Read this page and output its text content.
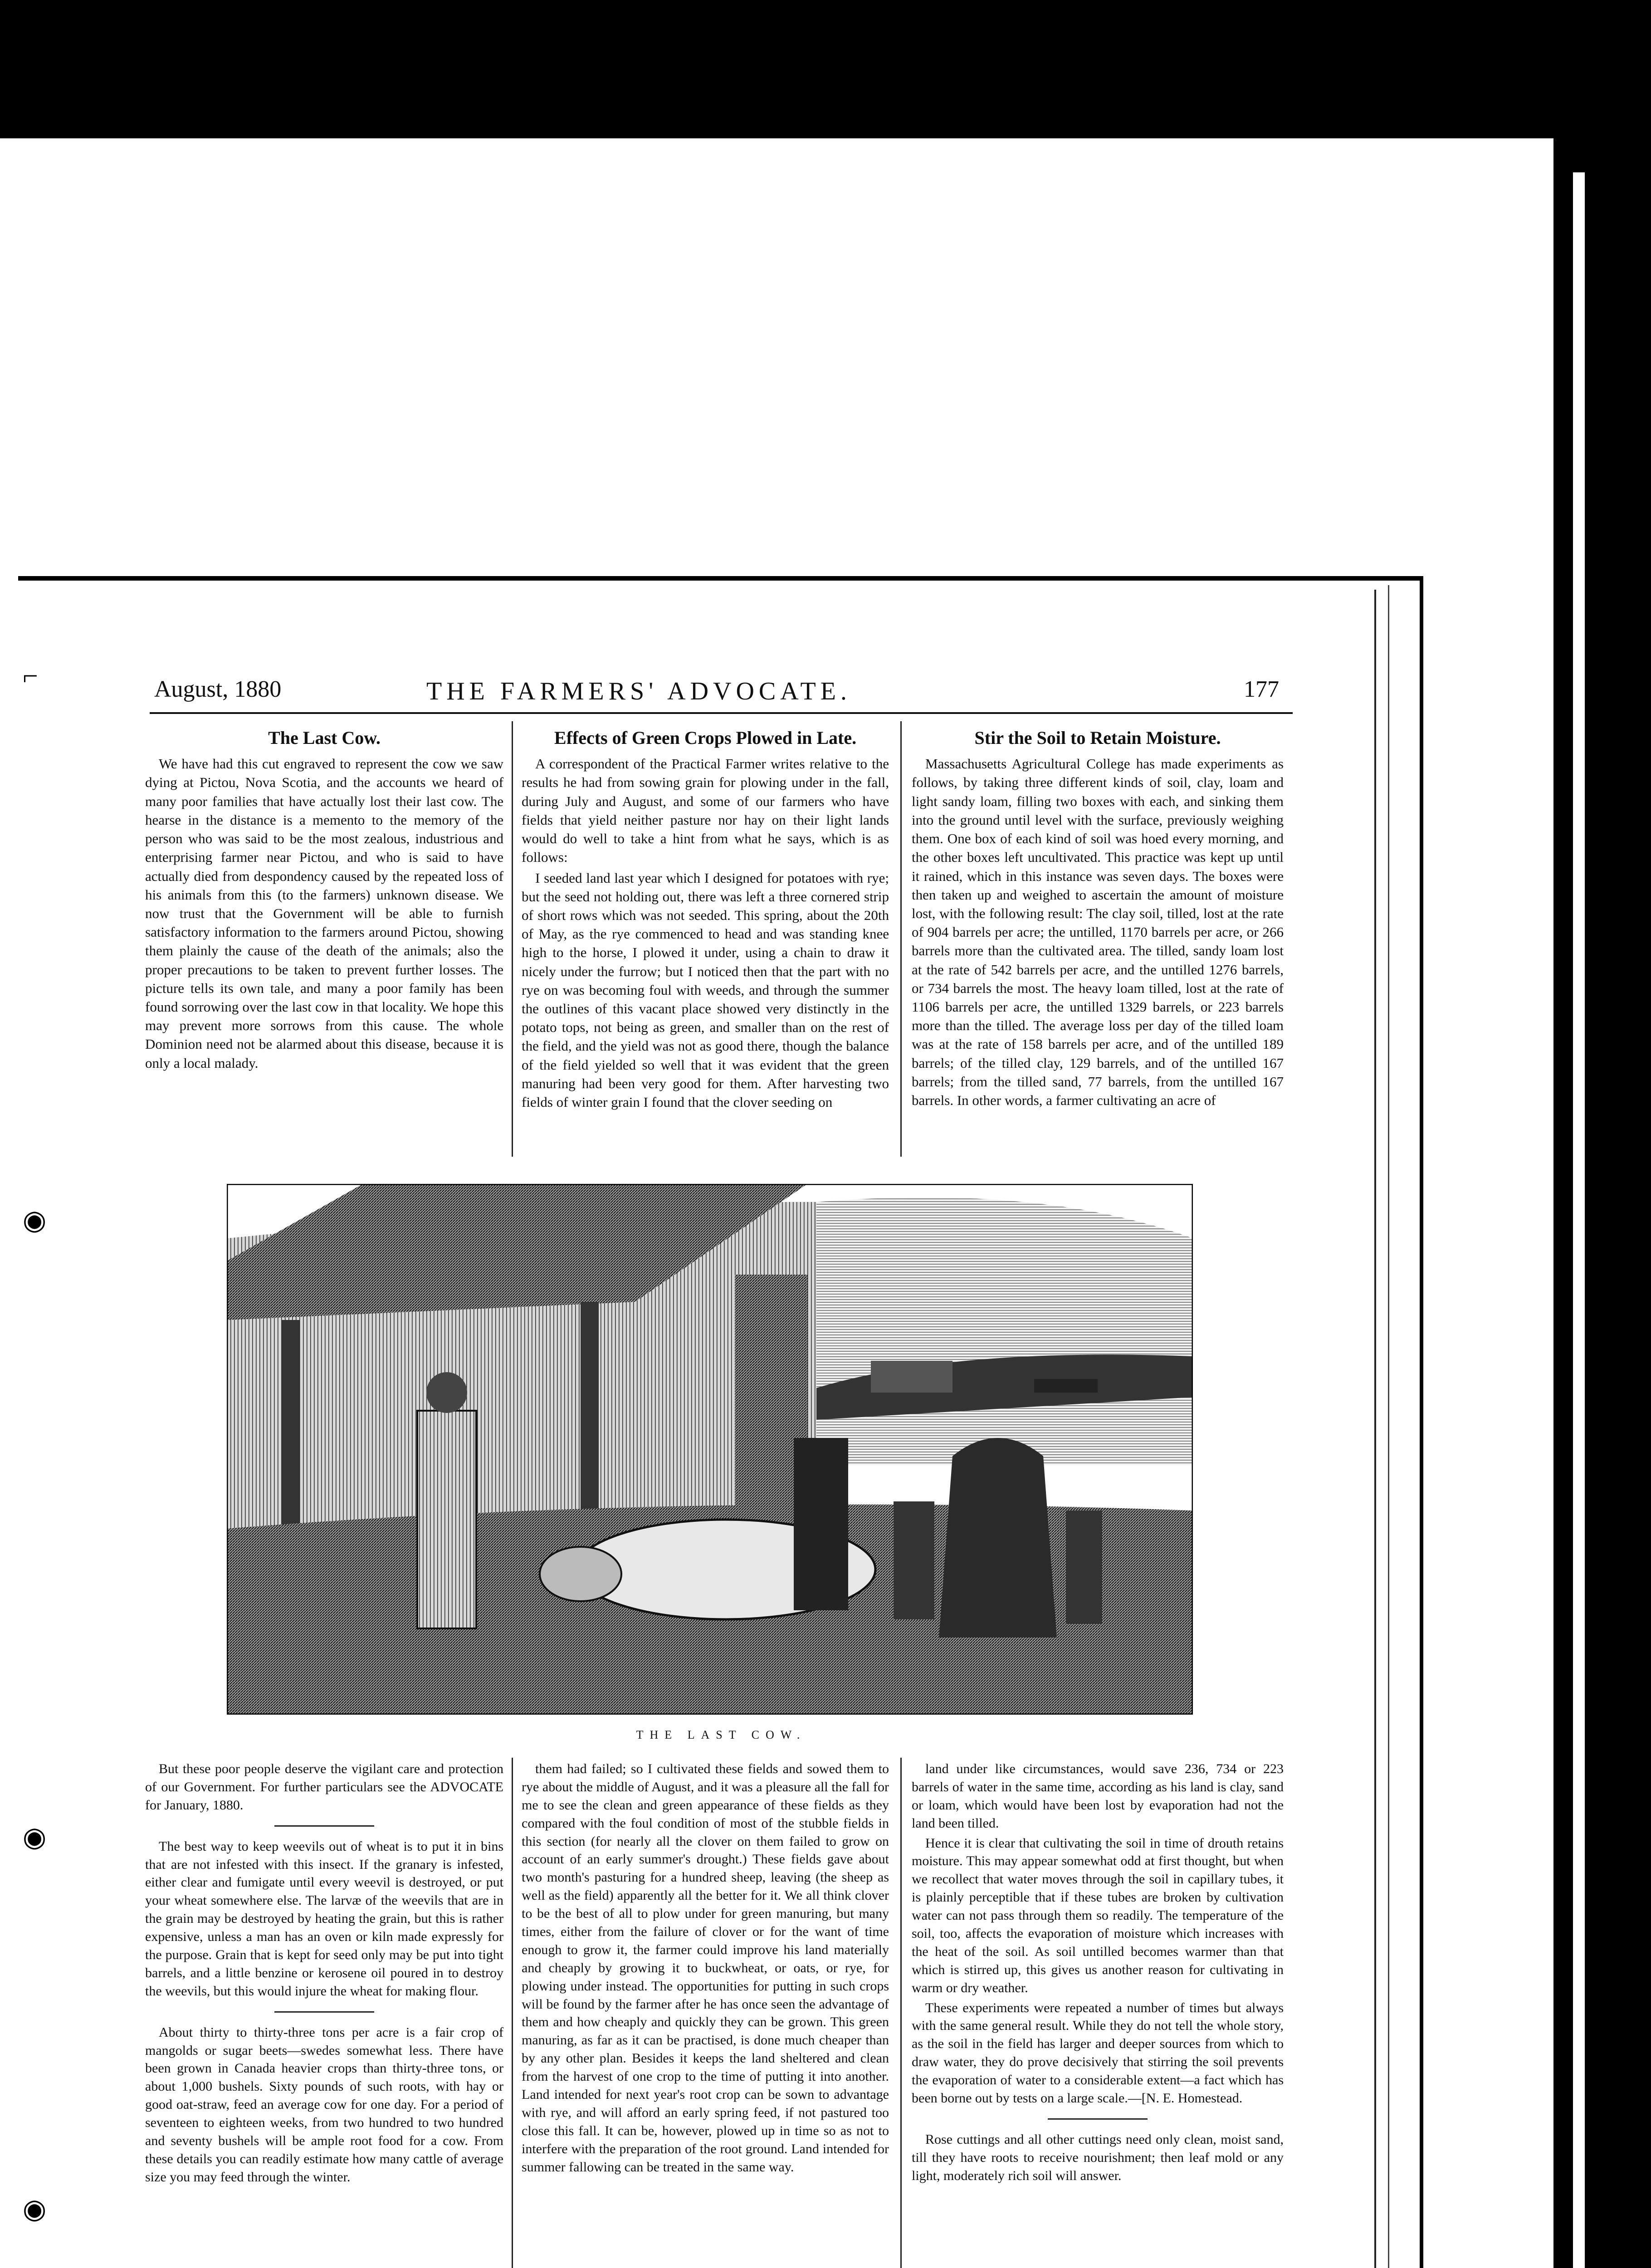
⌐
◉
◉
◉
August, 1880	THE FARMERS' ADVOCATE.	177
The Last Cow.

We have had this cut engraved to represent the cow we saw dying at Pictou, Nova Scotia, and the accounts we heard of many poor families that have actually lost their last cow. The hearse in the distance is a memento to the memory of the person who was said to be the most zealous, industrious and enterprising farmer near Pictou, and who is said to have actually died from despondency caused by the repeated loss of his animals from this (to the farmers) unknown disease. We now trust that the Government will be able to furnish satisfactory information to the farmers around Pictou, showing them plainly the cause of the death of the animals; also the proper precautions to be taken to prevent further losses. The picture tells its own tale, and many a poor family has been found sorrowing over the last cow in that locality. We hope this may prevent more sorrows from this cause. The whole Dominion need not be alarmed about this disease, because it is only a local malady.

Effects of Green Crops Plowed in Late.

A correspondent of the Practical Farmer writes relative to the results he had from sowing grain for plowing under in the fall, during July and August, and some of our farmers who have fields that yield neither pasture nor hay on their light lands would do well to take a hint from what he says, which is as follows:

I seeded land last year which I designed for potatoes with rye; but the seed not holding out, there was left a three cornered strip of short rows which was not seeded. This spring, about the 20th of May, as the rye commenced to head and was standing knee high to the horse, I plowed it under, using a chain to draw it nicely under the furrow; but I noticed then that the part with no rye on was becoming foul with weeds, and through the summer the outlines of this vacant place showed very distinctly in the potato tops, not being as green, and smaller than on the rest of the field, and the yield was not as good there, though the balance of the field yielded so well that it was evident that the green manuring had been very good for them. After harvesting two fields of winter grain I found that the clover seeding on

Stir the Soil to Retain Moisture.

Massachusetts Agricultural College has made experiments as follows, by taking three different kinds of soil, clay, loam and light sandy loam, filling two boxes with each, and sinking them into the ground until level with the surface, previously weighing them. One box of each kind of soil was hoed every morning, and the other boxes left uncultivated. This practice was kept up until it rained, which in this instance was seven days. The boxes were then taken up and weighed to ascertain the amount of moisture lost, with the following result: The clay soil, tilled, lost at the rate of 904 barrels per acre; the untilled, 1170 barrels per acre, or 266 barrels more than the cultivated area. The tilled, sandy loam lost at the rate of 542 barrels per acre, and the untilled 1276 barrels, or 734 barrels the most. The heavy loam tilled, lost at the rate of 1106 barrels per acre, the untilled 1329 barrels, or 223 barrels more than the tilled. The average loss per day of the tilled loam was at the rate of 158 barrels per acre, and of the untilled 189 barrels; of the tilled clay, 129 barrels, and of the untilled 167 barrels; from the tilled sand, 77 barrels, from the untilled 167 barrels. In other words, a farmer cultivating an acre of

THE LAST COW.

But these poor people deserve the vigilant care and protection of our Government. For further particulars see the ADVOCATE for January, 1880.

The best way to keep weevils out of wheat is to put it in bins that are not infested with this insect. If the granary is infested, either clear and fumigate until every weevil is destroyed, or put your wheat somewhere else. The larvæ of the weevils that are in the grain may be destroyed by heating the grain, but this is rather expensive, unless a man has an oven or kiln made expressly for the purpose. Grain that is kept for seed only may be put into tight barrels, and a little benzine or kerosene oil poured in to destroy the weevils, but this would injure the wheat for making flour.

About thirty to thirty-three tons per acre is a fair crop of mangolds or sugar beets—swedes somewhat less. There have been grown in Canada heavier crops than thirty-three tons, or about 1,000 bushels. Sixty pounds of such roots, with hay or good oat-straw, feed an average cow for one day. For a period of seventeen to eighteen weeks, from two hundred to two hundred and seventy bushels will be ample root food for a cow. From these details you can readily estimate how many cattle of average size you may feed through the winter.

them had failed; so I cultivated these fields and sowed them to rye about the middle of August, and it was a pleasure all the fall for me to see the clean and green appearance of these fields as they compared with the foul condition of most of the stubble fields in this section (for nearly all the clover on them failed to grow on account of an early summer's drought.) These fields gave about two month's pasturing for a hundred sheep, leaving (the sheep as well as the field) apparently all the better for it. We all think clover to be the best of all to plow under for green manuring, but many times, either from the failure of clover or for the want of time enough to grow it, the farmer could improve his land materially and cheaply by growing it to buckwheat, or oats, or rye, for plowing under instead. The opportunities for putting in such crops will be found by the farmer after he has once seen the advantage of them and how cheaply and quickly they can be grown. This green manuring, as far as it can be practised, is done much cheaper than by any other plan. Besides it keeps the land sheltered and clean from the harvest of one crop to the time of putting it into another. Land intended for next year's root crop can be sown to advantage with rye, and will afford an early spring feed, if not pastured too close this fall. It can be, however, plowed up in time so as not to interfere with the preparation of the root ground. Land intended for summer fallowing can be treated in the same way.

land under like circumstances, would save 236, 734 or 223 barrels of water in the same time, according as his land is clay, sand or loam, which would have been lost by evaporation had not the land been tilled.

Hence it is clear that cultivating the soil in time of drouth retains moisture. This may appear somewhat odd at first thought, but when we recollect that water moves through the soil in capillary tubes, it is plainly perceptible that if these tubes are broken by cultivation water can not pass through them so readily. The temperature of the soil, too, affects the evaporation of moisture which increases with the heat of the soil. As soil untilled becomes warmer than that which is stirred up, this gives us another reason for cultivating in warm or dry weather.

These experiments were repeated a number of times but always with the same general result. While they do not tell the whole story, as the soil in the field has larger and deeper sources from which to draw water, they do prove decisively that stirring the soil prevents the evaporation of water to a considerable extent—a fact which has been borne out by tests on a large scale.—[N. E. Homestead.

Rose cuttings and all other cuttings need only clean, moist sand, till they have roots to receive nourishment; then leaf mold or any light, moderately rich soil will answer.
